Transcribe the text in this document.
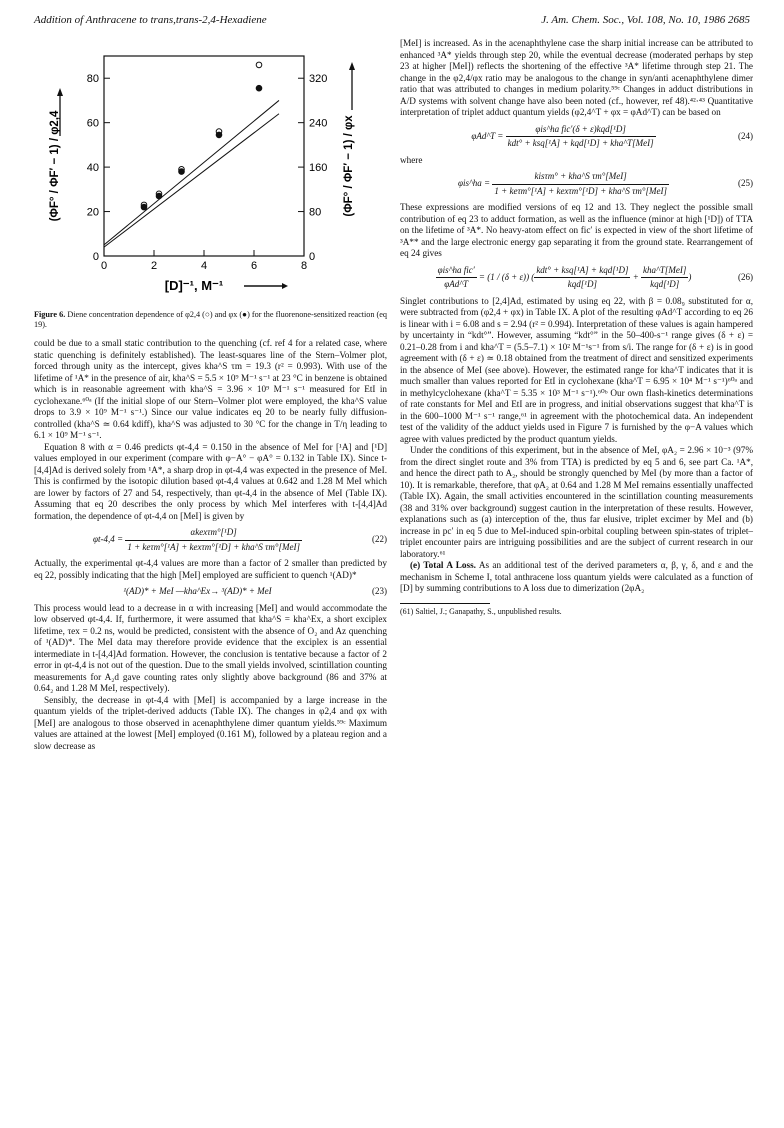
Addition of Anthracene to trans,trans-2,4-Hexadiene	J. Am. Chem. Soc., Vol. 108, No. 10, 1986 2685
0	2	4	6	8
0
20
40
60
80
0
80
160
240
320
[D]⁻¹, M⁻¹
(ΦF° / ΦF′ − 1) / φ2,4	(ΦF° / ΦF′ − 1) / φx
Figure 6. Diene concentration dependence of φ2,4 (○) and φx (●) for the fluorenone-sensitized reaction (eq 19).

could be due to a small static contribution to the quenching (cf. ref 4 for a related case, where static quenching is definitely established). The least-squares line of the Stern–Volmer plot, forced through unity as the intercept, gives kha^S τm = 19.3 (r² = 0.993). With use of the lifetime of ¹A* in the presence of air, kha^S = 5.5 × 10⁹ M⁻¹ s⁻¹ at 23 °C in benzene is obtained which is in reasonable agreement with kha^S = 3.96 × 10⁹ M⁻¹ s⁻¹ measured for EtI in cyclohexane.⁶⁰ᵃ (If the initial slope of our Stern–Volmer plot were employed, the kha^S value drops to 3.9 × 10⁹ M⁻¹ s⁻¹.) Since our value indicates eq 20 to be nearly fully diffusion-controlled (kha^S ≃ 0.64 kdiff), kha^S was adjusted to 30 °C for the change in T/η leading to 6.1 × 10⁹ M⁻¹ s⁻¹.

Equation 8 with α = 0.46 predicts φt-4,4 = 0.150 in the absence of MeI for [¹A] and [¹D] values employed in our experiment (compare with φ−A° − φA° = 0.132 in Table IX). Since t-[4,4]Ad is derived solely from ¹A*, a sharp drop in φt-4,4 was expected in the presence of MeI. This is confirmed by the isotopic dilution based φt-4,4 values at 0.642 and 1.28 M MeI which are lower by factors of 27 and 54, respectively, than φt-4,4 in the absence of MeI (Table IX). Assuming that eq 20 describes the only process by which MeI interferes with t-[4,4]Ad formation, the dependence of φt-4,4 on [MeI] is given by

$\varphi t-4,4 = \frac{\text{αkexτm°[¹D]}}{\text{1 + keτm°[¹A] + kexτm°[¹D] + kha\textasciicircum{}S τm°[MeI]}}$	(22)

Actually, the experimental φt-4,4 values are more than a factor of 2 smaller than predicted by eq 22, possibly indicating that the high [MeI] employed are sufficient to quench ¹(AD)*

¹(AD)* + MeI —kha^Ex→ ³(AD)* + MeI	(23)

This process would lead to a decrease in α with increasing [MeI] and would accommodate the low observed φt-4,4. If, furthermore, it were assumed that kha^S = kha^Ex, a short exciplex lifetime, τex = 0.2 ns, would be predicted, consistent with the absence of O₂ and Az quenching of ¹(AD)*. The MeI data may therefore provide evidence that the exciplex is an essential intermediate in t-[4,4]Ad formation. However, the conclusion is tentative because a factor of 2 error in φt-4,4 is not out of the question. Due to the small yields involved, scintillation counting measurements for A₂d gave counting rates only slightly above background (86 and 37% at 0.64₂ and 1.28 M MeI, respectively).

Sensibly, the decrease in φt-4,4 with [MeI] is accompanied by a large increase in the quantum yields of the triplet-derived adducts (Table IX). The changes in φ2,4 and φx with [MeI] are analogous to those observed in acenaphthylene dimer quantum yields.⁵⁹ᶜ Maximum values are attained at the lowest [MeI] employed (0.161 M), followed by a plateau region and a slow decrease as

[MeI] is increased. As in the acenaphthylene case the sharp initial increase can be attributed to enhanced ³A* yields through step 20, while the eventual decrease (moderated perhaps by step 23 at higher [MeI]) reflects the shortening of the effective ³A* lifetime through step 21. The change in the φ2,4/φx ratio may be analogous to the change in syn/anti acenaphthylene dimer ratio that was attributed to changes in medium polarity.⁵⁹ᶜ Changes in adduct distributions in A/D systems with solvent change have also been noted (cf., however, ref 48).⁴²·⁴³ Quantitative interpretation of triplet adduct quantum yields (φ2,4^T + φx = φAd^T) can be based on

φAd^T = $\frac{\text{φis\textasciicircum{}ha fic′(δ + ε)kqd[¹D]}}{\text{kdt° + ksq[¹A] + kqd[¹D] + kha\textasciicircum{}T[MeI]}}$	(24)

where

φis^ha = $\frac{\text{kisτm° + kha\textasciicircum{}S τm°[MeI]}}{\text{1 + keτm°[¹A] + kexτm°[¹D] + kha\textasciicircum{}S τm°[MeI]}}$	(25)

These expressions are modified versions of eq 12 and 13. They neglect the possible small contribution of eq 23 to adduct formation, as well as the influence (minor at high [¹D]) of TTA on the lifetime of ³A*. No heavy-atom effect on fic′ is expected in view of the short lifetime of ³A** and the large electronic energy gap separating it from the ground state. Rearrangement of eq 24 gives

$\frac{\text{φis\textasciicircum{}ha fic′}}{\text{φAd\textasciicircum{}T}} = (1 / (\delta + \varepsilon))$ ( $\frac{\text{kdt° + ksq[¹A] + kqd[¹D]}}{\text{kqd[¹D]}} + \frac{\text{kha\textasciicircum{}T[MeI]}}{\text{kqd[¹D]}}$ )	(26)

Singlet contributions to [2,4]Ad, estimated by using eq 22, with β = 0.08₉ substituted for α, were subtracted from (φ2,4 + φx) in Table IX. A plot of the resulting φAd^T according to eq 26 is linear with i = 6.08 and s = 2.94 (r² = 0.994). Interpretation of these values is again hampered by uncertainty in “kdt°”. However, assuming “kdt°” in the 50–400-s⁻¹ range gives (δ + ε) = 0.21–0.28 from i and kha^T = (5.5–7.1) × 10² M⁻¹s⁻¹ from s/i. The range for (δ + ε) is in good agreement with (δ + ε) ≃ 0.18 obtained from the treatment of direct and sensitized experiments in the absence of MeI (see above). However, the estimated range for kha^T indicates that it is much smaller than values reported for EtI in cyclohexane (kha^T = 6.95 × 10⁴ M⁻¹ s⁻¹)⁶⁰ᵃ and in methylcyclohexane (kha^T = 5.35 × 10³ M⁻¹ s⁻¹).⁶⁰ᵇ Our own flash-kinetics determinations of rate constants for MeI and EtI are in progress, and initial observations suggest that kha^T is in the 600–1000 M⁻¹ s⁻¹ range,⁶¹ in agreement with the photochemical data. An independent test of the validity of the adduct yields used in Figure 7 is furnished by the φ−A values which agree with values predicted by the product quantum yields.

Under the conditions of this experiment, but in the absence of MeI, φA₂ = 2.96 × 10⁻³ (97% from the direct singlet route and 3% from TTA) is predicted by eq 5 and 6, see part Ca. ¹A*, and hence the direct path to A₂, should be strongly quenched by MeI (by more than a factor of 10). It is remarkable, therefore, that φA₂ at 0.64 and 1.28 M MeI remains essentially unaffected (Table IX). Again, the small activities encountered in the scintillation counting measurements (38 and 31% over background) suggest caution in the interpretation of these results. However, explanations such as (a) interception of the, thus far elusive, triplet excimer by MeI and (b) increase in pc′ in eq 5 due to MeI-induced spin-orbital coupling between spin-states of triplet–triplet encounter pairs are intriguing possibilities and are the subject of current research in our laboratory.⁶¹

(e) Total A Loss. As an additional test of the derived parameters α, β, γ, δ, and ε and the mechanism in Scheme I, total anthracene loss quantum yields were calculated as a function of [D] by summing contributions to A loss due to dimerization (2φA₂

(61) Saltiel, J.; Ganapathy, S., unpublished results.
